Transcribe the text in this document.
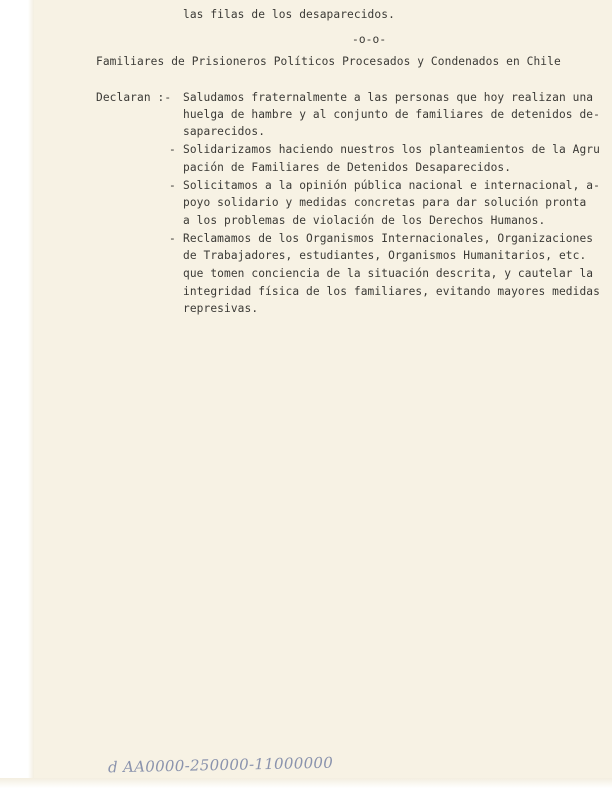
las filas de los desaparecidos.
-o-o-
Familiares de Prisioneros Políticos Procesados y Condenados en Chile
Declaran :- Saludamos fraternalmente a las personas que hoy realizan una
huelga de hambre y al conjunto de familiares de detenidos de-
saparecidos.
- Solidarizamos haciendo nuestros los planteamientos de la Agru
pación de Familiares de Detenidos Desaparecidos.
- Solicitamos a la opinión pública nacional e internacional, a-
poyo solidario y medidas concretas para dar solución pronta
a los problemas de violación de los Derechos Humanos.
- Reclamamos de los Organismos Internacionales, Organizaciones
de Trabajadores, estudiantes, Organismos Humanitarios, etc.
que tomen conciencia de la situación descrita, y cautelar la
integridad física de los familiares, evitando mayores medidas
represivas.
d AA0000-250000-11000000
